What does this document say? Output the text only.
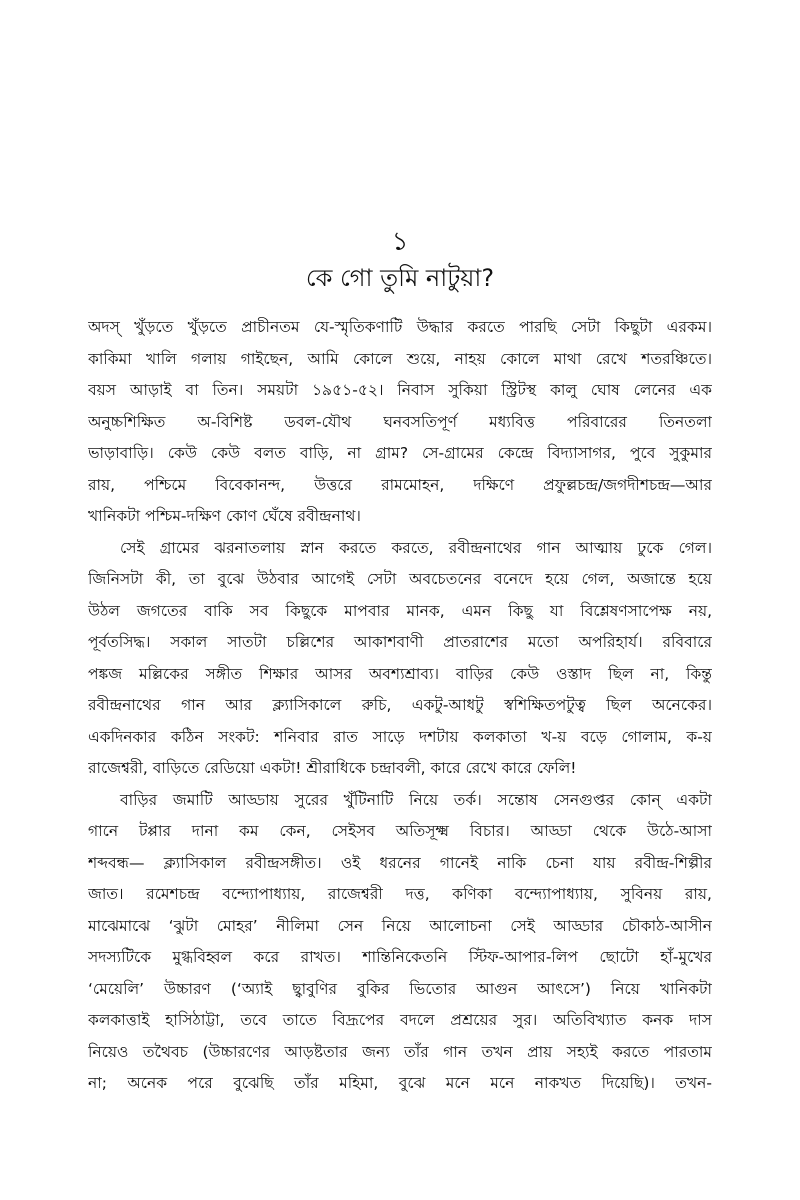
১
কে গো তুমি নাটুয়া?
অদস্ খুঁড়তে খুঁড়তে প্রাচীনতম যে-স্মৃতিকণাটি উদ্ধার করতে পারছি সেটা কিছুটা এরকম।
কাকিমা খালি গলায় গাইছেন, আমি কোলে শুয়ে, নাহয় কোলে মাথা রেখে শতরঞ্চিতে।
বয়স আড়াই বা তিন। সময়টা ১৯৫১-৫২। নিবাস সুকিয়া স্ট্রিটস্থ কালু ঘোষ লেনের এক
অনুচ্চশিক্ষিত অ-বিশিষ্ট ডবল-যৌথ ঘনবসতিপূর্ণ মধ্যবিত্ত পরিবারের তিনতলা
ভাড়াবাড়ি। কেউ কেউ বলত বাড়ি, না গ্রাম? সে-গ্রামের কেন্দ্রে বিদ্যাসাগর, পুবে সুকুমার
রায়, পশ্চিমে বিবেকানন্দ, উত্তরে রামমোহন, দক্ষিণে প্রফুল্লচন্দ্র/জগদীশচন্দ্র—আর
খানিকটা পশ্চিম-দক্ষিণ কোণ ঘেঁষে রবীন্দ্রনাথ।
সেই গ্রামের ঝরনাতলায় স্নান করতে করতে, রবীন্দ্রনাথের গান আত্মায় ঢুকে গেল।
জিনিসটা কী, তা বুঝে উঠবার আগেই সেটা অবচেতনের বনেদে হয়ে গেল, অজান্তে হয়ে
উঠল জগতের বাকি সব কিছুকে মাপবার মানক, এমন কিছু যা বিশ্লেষণসাপেক্ষ নয়,
পূর্বতসিদ্ধ। সকাল সাতটা চল্লিশের আকাশবাণী প্রাতরাশের মতো অপরিহার্য। রবিবারে
পঙ্কজ মল্লিকের সঙ্গীত শিক্ষার আসর অবশ্যশ্রাব্য। বাড়ির কেউ ওস্তাদ ছিল না, কিন্তু
রবীন্দ্রনাথের গান আর ক্ল্যাসিকালে রুচি, একটু-আধটু স্বশিক্ষিতপটুত্ব ছিল অনেকের।
একদিনকার কঠিন সংকট: শনিবার রাত সাড়ে দশটায় কলকাতা খ-য় বড়ে গোলাম, ক-য়
রাজেশ্বরী, বাড়িতে রেডিয়ো একটা! শ্রীরাধিকে চন্দ্রাবলী, কারে রেখে কারে ফেলি!
বাড়ির জমাটি আড্ডায় সুরের খুঁটিনাটি নিয়ে তর্ক। সন্তোষ সেনগুপ্তর কোন্ একটা
গানে টপ্পার দানা কম কেন, সেইসব অতিসূক্ষ্ম বিচার। আড্ডা থেকে উঠে-আসা
শব্দবন্ধ— ক্ল্যাসিকাল রবীন্দ্রসঙ্গীত। ওই ধরনের গানেই নাকি চেনা যায় রবীন্দ্র-শিল্পীর
জাত। রমেশচন্দ্র বন্দ্যোপাধ্যায়, রাজেশ্বরী দত্ত, কণিকা বন্দ্যোপাধ্যায়, সুবিনয় রায়,
মাঝেমাঝে ‘ঝুটা মোহর’ নীলিমা সেন নিয়ে আলোচনা সেই আড্ডার চৌকাঠ-আসীন
সদস্যটিকে মুগ্ধবিহ্বল করে রাখত। শান্তিনিকেতনি স্টিফ-আপার-লিপ ছোটো হাঁ-মুখের
‘মেয়েলি’ উচ্চারণ (‘অ্যাই ছ্বাবুণির বুকির ভিতোর আগুন আৎসে’) নিয়ে খানিকটা
কলকাত্তাই হাসিঠাট্টা, তবে তাতে বিদ্রূপের বদলে প্রশ্রয়ের সুর। অতিবিখ্যাত কনক দাস
নিয়েও তথৈবচ (উচ্চারণের আড়ষ্টতার জন্য তাঁর গান তখন প্রায় সহ্যই করতে পারতাম
না; অনেক পরে বুঝেছি তাঁর মহিমা, বুঝে মনে মনে নাকখত দিয়েছি)। তখন-
